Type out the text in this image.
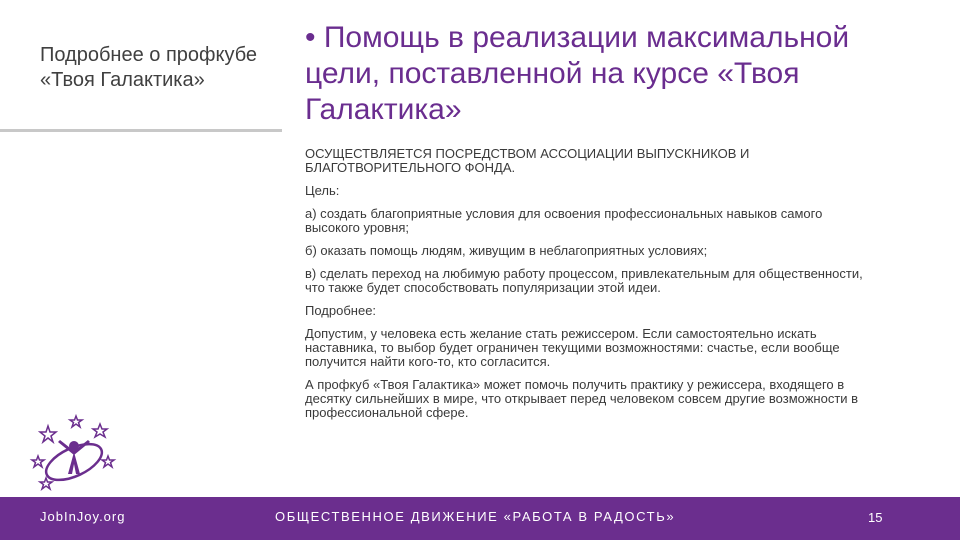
Подробнее о профкубе «Твоя Галактика»
• Помощь в реализации максимальной цели, поставленной на курсе «Твоя Галактика»

ОСУЩЕСТВЛЯЕТСЯ ПОСРЕДСТВОМ АССОЦИАЦИИ ВЫПУСКНИКОВ И БЛАГОТВОРИТЕЛЬНОГО ФОНДА.

Цель:

а) создать благоприятные условия для освоения профессиональных навыков самого высокого уровня;

б) оказать помощь людям, живущим в неблагоприятных условиях;

в) сделать переход на любимую работу процессом, привлекательным для общественности, что также будет способствовать популяризации этой идеи.

Подробнее:

Допустим, у человека есть желание стать режиссером. Если самостоятельно искать наставника, то выбор будет ограничен текущими возможностями: счастье, если вообще получится найти кого-то, кто согласится.

А профкуб «Твоя Галактика» может помочь получить практику у режиссера, входящего в десятку сильнейших в мире, что открывает перед человеком совсем другие возможности в профессиональной сфере.

JobInJoy.org	ОБЩЕСТВЕННОЕ ДВИЖЕНИЕ «РАБОТА В РАДОСТЬ»	15
